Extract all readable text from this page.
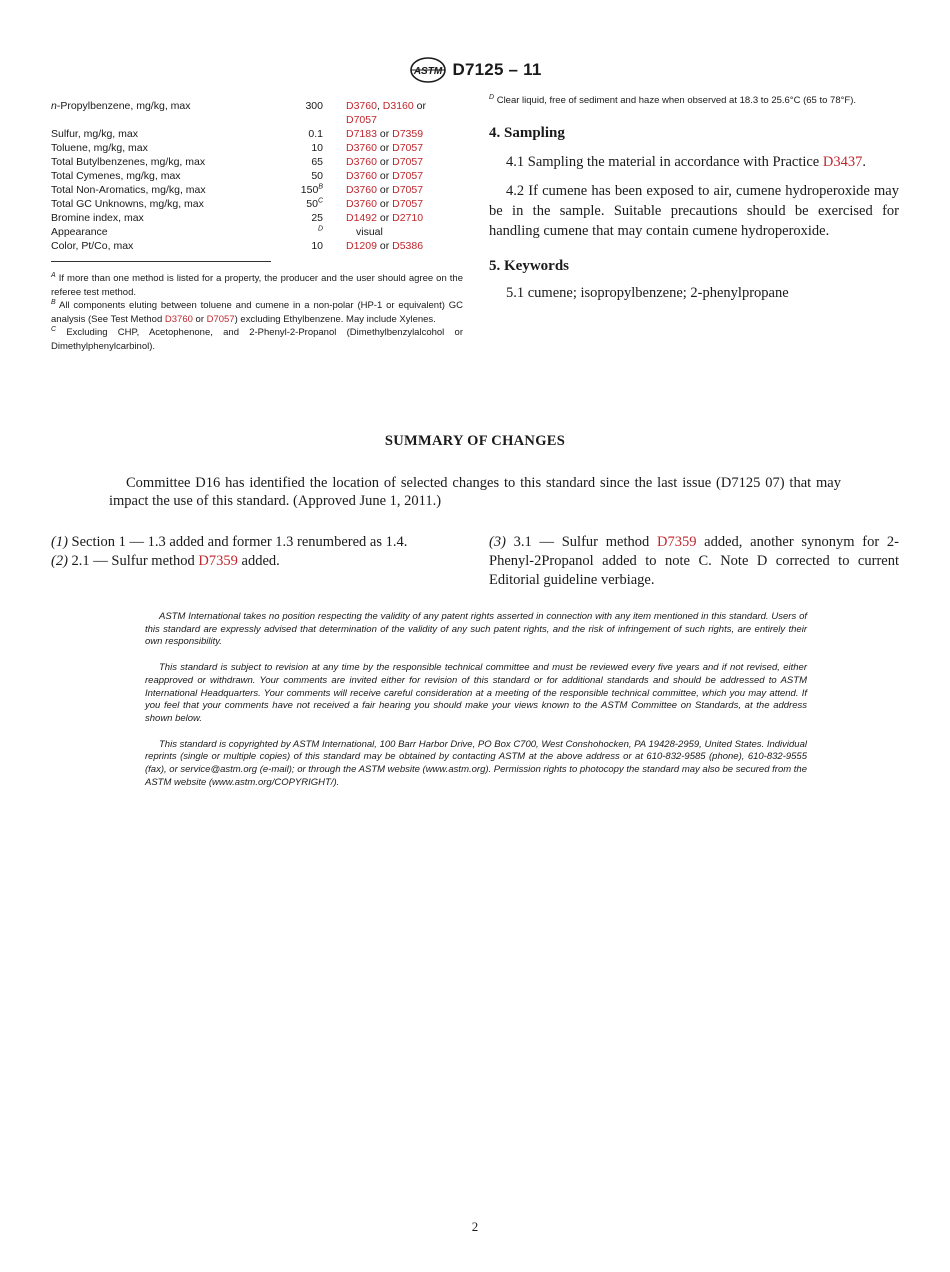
ASTM D7125 – 11
n-Propylbenzene, mg/kg, max	300 D3760, D3160 or
D7057
Sulfur, mg/kg, max	0.1 D7183 or D7359
Toluene, mg/kg, max	10 D3760 or D7057
Total Butylbenzenes, mg/kg, max	65 D3760 or D7057
Total Cymenes, mg/kg, max	50 D3760 or D7057
Total Non-Aromatics, mg/kg, max	$150^B$ D3760 or D7057
Total GC Unknowns, mg/kg, max	$50^C$ D3760 or D7057
Bromine index, max	25 D1492 or D2710
Appearance	$^D$	visual
Color, Pt/Co, max	10 D1209 or D5386

$^A$ If more than one method is listed for a property, the producer and the user should agree on the referee test method.

$^B$ All components eluting between toluene and cumene in a non-polar (HP-1 or equivalent) GC analysis (See Test Method D3760 or D7057) excluding Ethylbenzene. May include Xylenes.

$^C$ Excluding CHP, Acetophenone, and 2-Phenyl-2-Propanol (Dimethylbenzylalcohol or Dimethylphenylcarbinol).

$^D$ Clear liquid, free of sediment and haze when observed at 18.3 to 25.6°C (65 to 78°F).

4. Sampling

4.1 Sampling the material in accordance with Practice D3437.

4.2 If cumene has been exposed to air, cumene hydroperoxide may be in the sample. Suitable precautions should be exercised for handling cumene that may contain cumene hydroperoxide.

5. Keywords

5.1 cumene; isopropylbenzene; 2-phenylpropane

SUMMARY OF CHANGES

Committee D16 has identified the location of selected changes to this standard since the last issue (D7125 07) that may impact the use of this standard. (Approved June 1, 2011.)

(1) Section 1 — 1.3 added and former 1.3 renumbered as 1.4.

(2) 2.1 — Sulfur method D7359 added.

(3) 3.1 — Sulfur method D7359 added, another synonym for 2-Phenyl-2Propanol added to note C. Note D corrected to current Editorial guideline verbiage.

ASTM International takes no position respecting the validity of any patent rights asserted in connection with any item mentioned in this standard. Users of this standard are expressly advised that determination of the validity of any such patent rights, and the risk of infringement of such rights, are entirely their own responsibility.

This standard is subject to revision at any time by the responsible technical committee and must be reviewed every five years and if not revised, either reapproved or withdrawn. Your comments are invited either for revision of this standard or for additional standards and should be addressed to ASTM International Headquarters. Your comments will receive careful consideration at a meeting of the responsible technical committee, which you may attend. If you feel that your comments have not received a fair hearing you should make your views known to the ASTM Committee on Standards, at the address shown below.

This standard is copyrighted by ASTM International, 100 Barr Harbor Drive, PO Box C700, West Conshohocken, PA 19428-2959, United States. Individual reprints (single or multiple copies) of this standard may be obtained by contacting ASTM at the above address or at 610-832-9585 (phone), 610-832-9555 (fax), or service@astm.org (e-mail); or through the ASTM website (www.astm.org). Permission rights to photocopy the standard may also be secured from the ASTM website (www.astm.org/COPYRIGHT/).

2
